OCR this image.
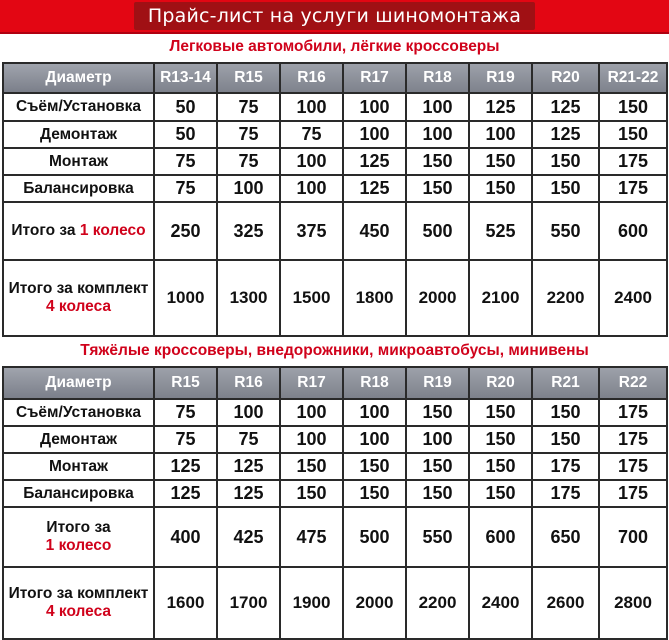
Прайс-лист на услуги шиномонтажа
Легковые автомобили, лёгкие кроссоверы
Диаметр	R13-14	R15	R16	R17	R18	R19	R20	R21-22
Съём/Установка	50	75	100	100	100	125	125	150
Демонтаж	50	75	75	100	100	100	125	150
Монтаж	75	75	100	125	150	150	150	175
Балансировка	75	100	100	125	150	150	150	175
Итого за 1 колесо	250	325	375	450	500	525	550	600

Итого за комплект
4 колеса	1000	1300	1500	1800	2000	2100	2200	2400
Тяжёлые кроссоверы, внедорожники, микроавтобусы, минивены
Диаметр	R15	R16	R17	R18	R19	R20	R21	R22
Съём/Установка	75	100	100	100	150	150	150	175
Демонтаж	75	75	100	100	100	150	150	175
Монтаж	125	125	150	150	150	150	175	175
Балансировка	125	125	150	150	150	150	175	175

Итого за
1 колесо	400	425	475	500	550	600	650	700

Итого за комплект
4 колеса	1600	1700	1900	2000	2200	2400	2600	2800
